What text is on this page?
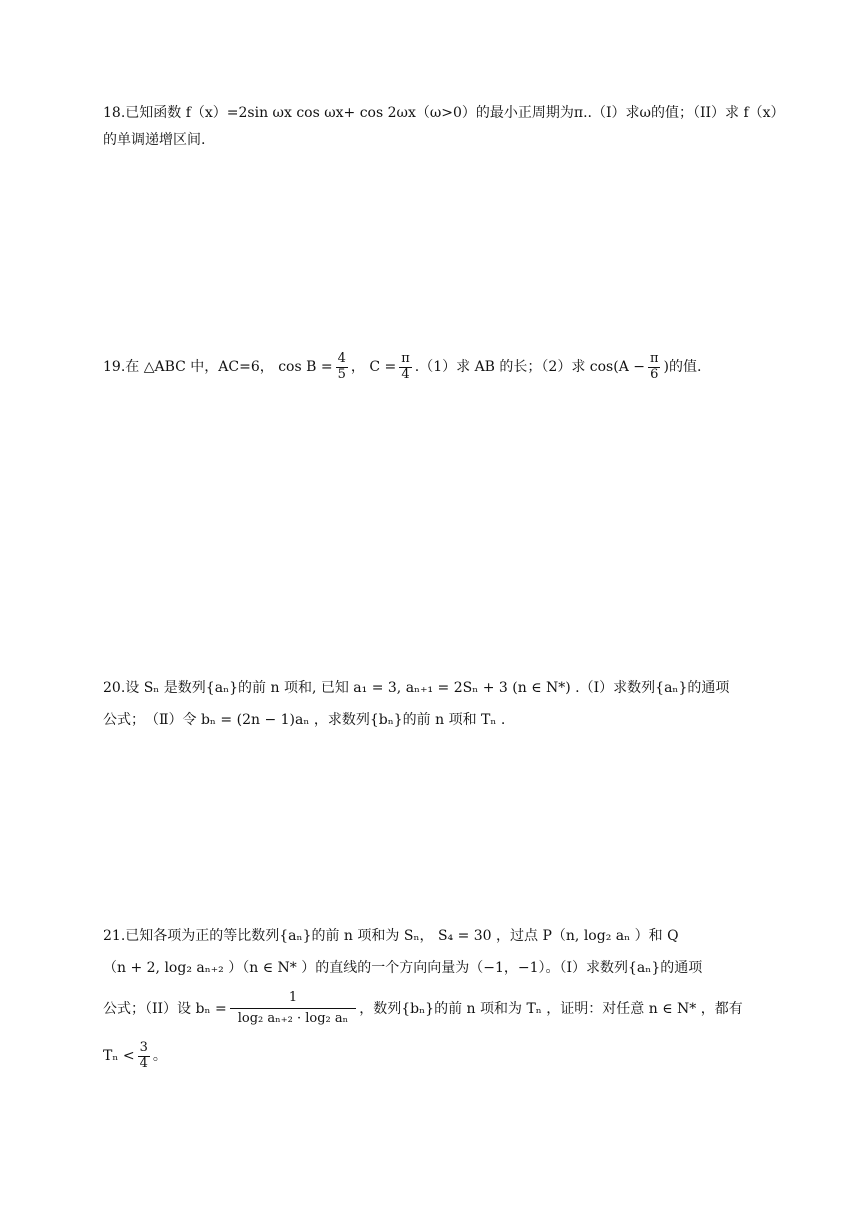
18.已知函数 f（x）=2sin ωx cos ωx+ cos 2ωx（ω>0）的最小正周期为π..（I）求ω的值；（II）求 f（x）
的单调递增区间.
19.在 △ABC 中，AC=6， $\cos B = \frac{4}{5}$ ， $C = \frac{\pi}{4} .(1)$求 AB 的长；（2）求 $\cos(A - \frac{\pi}{6}$ )的值.
20.设 Sₙ 是数列{aₙ}的前 n 项和, 已知 a₁ = 3, aₙ₊₁ = 2Sₙ + 3 (n ∈ N*) .（Ⅰ）求数列{aₙ}的通项
公式；　（Ⅱ）令 bₙ = (2n − 1)aₙ ，求数列{bₙ}的前 n 项和 Tₙ .
21.已知各项为正的等比数列{aₙ}的前 n 项和为 Sₙ， S₄ = 30 ，过点 P（n, log₂ aₙ ）和 Q
（n + 2, log₂ aₙ₊₂ ）（n ∈ N* ）的直线的一个方向向量为（−1，−1）。（I）求数列{aₙ}的通项
公式；（II）设 $b_n = \frac{1}{\text{log₂ aₙ₊₂ · log₂ aₙ}}$ ，数列{bₙ}的前 n 项和为 Tₙ ，证明：对任意 n ∈ N* ，都有
$T_n < \frac{3}{4}$ 。
